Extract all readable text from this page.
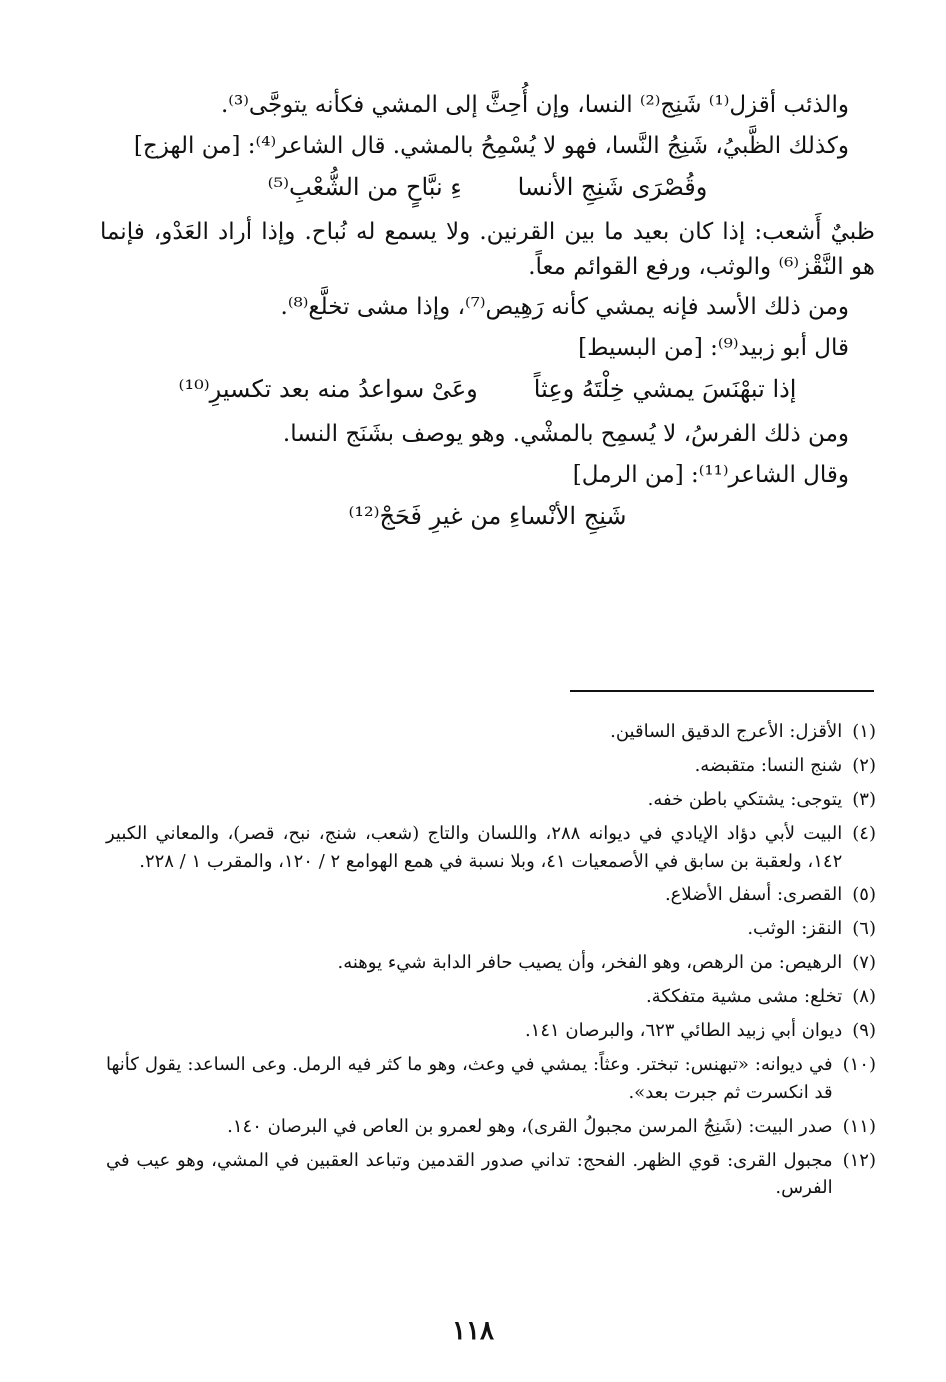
والذئب أقزل⁽¹⁾ شَنِج⁽²⁾ النسا، وإن أُحِثَّ إلى المشي فكأنه يتوجَّى⁽³⁾.

وكذلك الظَّبيُ، شَنِجُ النَّسا، فهو لا يُسْمِحُ بالمشي. قال الشاعر⁽⁴⁾: [من الهزج]

وقُصْرَى شَنِجِ الأنسا
ءِ نبَّاحٍ من الشُّعْبِ⁽⁵⁾

ظبيٌ أَشعب: إذا كان بعيد ما بين القرنين. ولا يسمع له نُباح. وإذا أراد العَدْو، فإنما هو النَّقْز⁽⁶⁾ والوثب، ورفع القوائم معاً.

ومن ذلك الأسد فإنه يمشي كأنه رَهِيص⁽⁷⁾، وإذا مشى تخلَّع⁽⁸⁾.

قال أبو زبيد⁽⁹⁾: [من البسيط]

إذا تبهْنَسَ يمشي خِلْتَهُ وعِثاً
وعَىْ سواعدُ منه بعد تكسيرِ⁽¹⁰⁾

ومن ذلك الفرسُ، لا يُسمِح بالمشْي. وهو يوصف بشَنَج النسا.

وقال الشاعر⁽¹¹⁾: [من الرمل]

شَنِجِ الأنْساءِ من غيرِ فَحَجْ⁽¹²⁾
(١)
الأقزل: الأعرج الدقيق الساقين.
(٢)
شنج النسا: متقبضه.
(٣)
يتوجى: يشتكي باطن خفه.
(٤)
البيت لأبي دؤاد الإيادي في ديوانه ٢٨٨، واللسان والتاج (شعب، شنج، نبح، قصر)، والمعاني الكبير ١٤٢، ولعقبة بن سابق في الأصمعيات ٤١، وبلا نسبة في همع الهوامع ٢ / ١٢٠، والمقرب ١ / ٢٢٨.
(٥)
القصرى: أسفل الأضلاع.
(٦)
النقز: الوثب.
(٧)
الرهيص: من الرهص، وهو الفخر، وأن يصيب حافر الدابة شيء يوهنه.
(٨)
تخلع: مشى مشية متفككة.
(٩)
ديوان أبي زبيد الطائي ٦٢٣، والبرصان ١٤١.
(١٠)
في ديوانه: «تبهنس: تبختر. وعثاً: يمشي في وعث، وهو ما كثر فيه الرمل. وعى الساعد: يقول كأنها قد انكسرت ثم جبرت بعد».
(١١)
صدر البيت: (شَنِجُ المرسن مجبولُ القرى)، وهو لعمرو بن العاص في البرصان ١٤٠.
(١٢)
مجبول القرى: قوي الظهر. الفحج: تداني صدور القدمين وتباعد العقبين في المشي، وهو عيب في الفرس.
١١٨
